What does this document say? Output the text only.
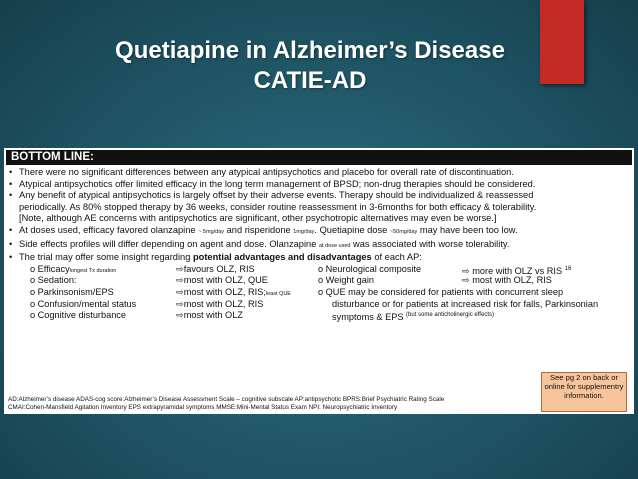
Quetiapine in Alzheimer’s Disease
CATIE-AD
BOTTOM LINE:
• There were no significant differences between any atypical antipsychotics and placebo for overall rate of discontinuation.
• Atypical antipsychotics offer limited efficacy in the long term management of BPSD; non-drug therapies should be considered.
• Any benefit of atypical antipsychotics is largely offset by their adverse events. Therapy should be individualized & reassessed
periodically. As 80% stopped therapy by 36 weeks, consider routine reassessment in 3-6months for both efficacy & tolerability.
[Note, although AE concerns with antipsychotics are significant, other psychotropic alternatives may even be worse.]
• At doses used, efficacy favored olanzapine ~ 5mg/day and risperidone 1mg/day. Quetiapine dose ~50mg/day may have been too low.
• Side effects profiles will differ depending on agent and dose. Olanzapine at dose used was associated with worse tolerability.
• The trial may offer some insight regarding potential advantages and disadvantages of each AP:
o Efficacylongest Tx duration	⇨favours OLZ, RIS
o Sedation:	⇨most with OLZ, QUE
o Parkinsonism/EPS	⇨most with OLZ, RIS;least QUE
o Confusion/mental status	⇨most with OLZ, RIS
o Cognitive disturbance	⇨most with OLZ
o Neurological composite	⇨ more with OLZ vs RIS $^{16}$
o Weight gain	⇨ most with OLZ, RIS
o QUE may be considered for patients with concurrent sleep
disturbance or for patients at increased risk for falls, Parkinsonian
symptoms & EPS $^{(but some anticholinergic effects)}$
See pg 2 on back or
online for supplementry
information.
AD:Alzheimer’s disease ADAS-cog score:Alzheimer’s Disease Assessment Scale – cognitive subscale AP:antipsychotic BPRS:Brief Psychiatric Rating Scale
CMAI:Cohen-Mansfield Agitation Inventory EPS extrapyramidal symptoms MMSE:Mini-Mental Status Exam NPI: Neuropsychiatric Inventory
